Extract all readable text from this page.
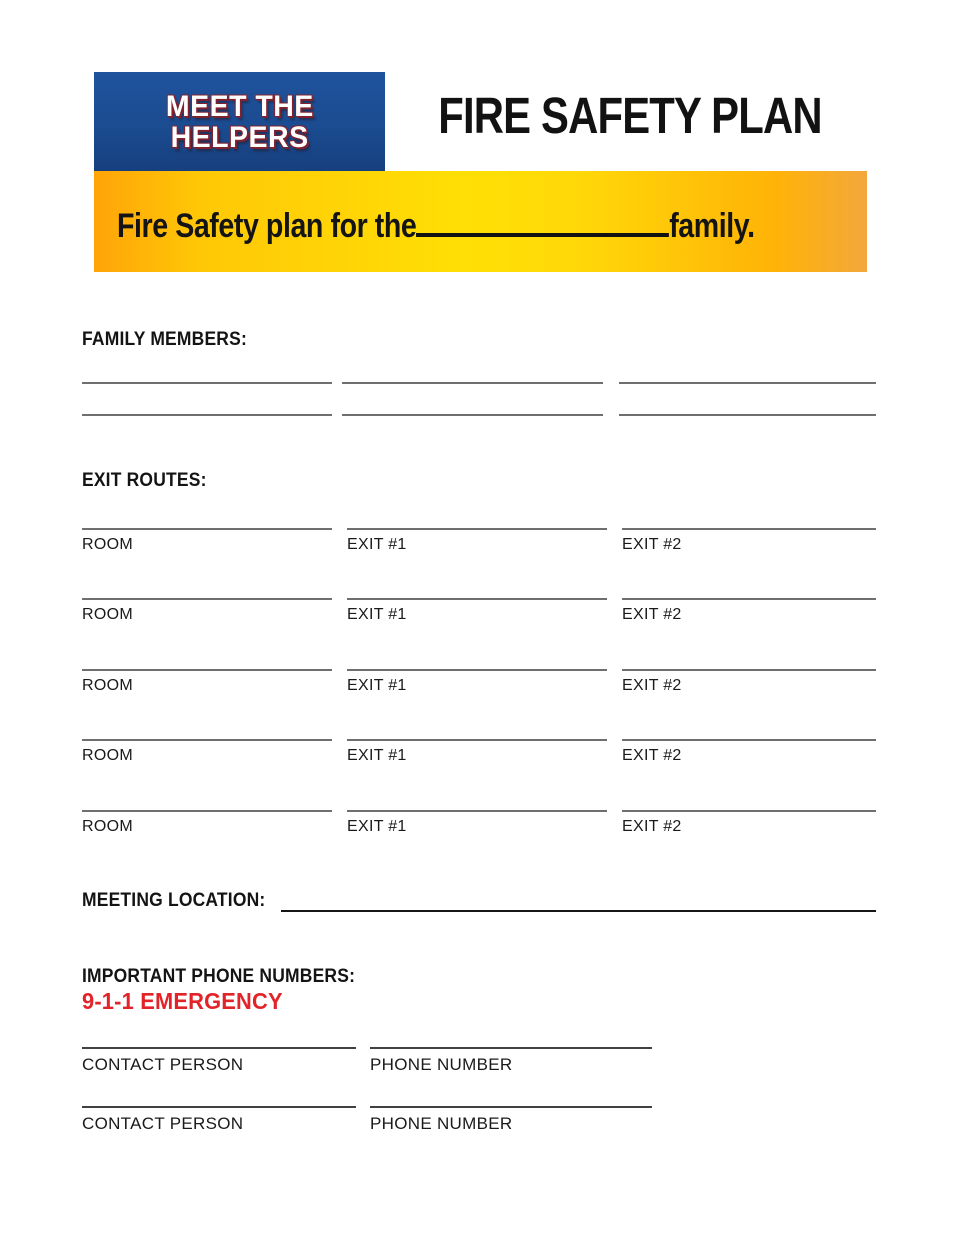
MEET THE
HELPERS	FIRE SAFETY PLAN
Fire Safety plan for the	family.
FAMILY MEMBERS:
EXIT ROUTES:
ROOM	EXIT #1	EXIT #2
ROOM	EXIT #1	EXIT #2
ROOM	EXIT #1	EXIT #2
ROOM	EXIT #1	EXIT #2
ROOM	EXIT #1	EXIT #2
MEETING LOCATION:
IMPORTANT PHONE NUMBERS:
9-1-1 EMERGENCY
CONTACT PERSON	PHONE NUMBER
CONTACT PERSON	PHONE NUMBER
